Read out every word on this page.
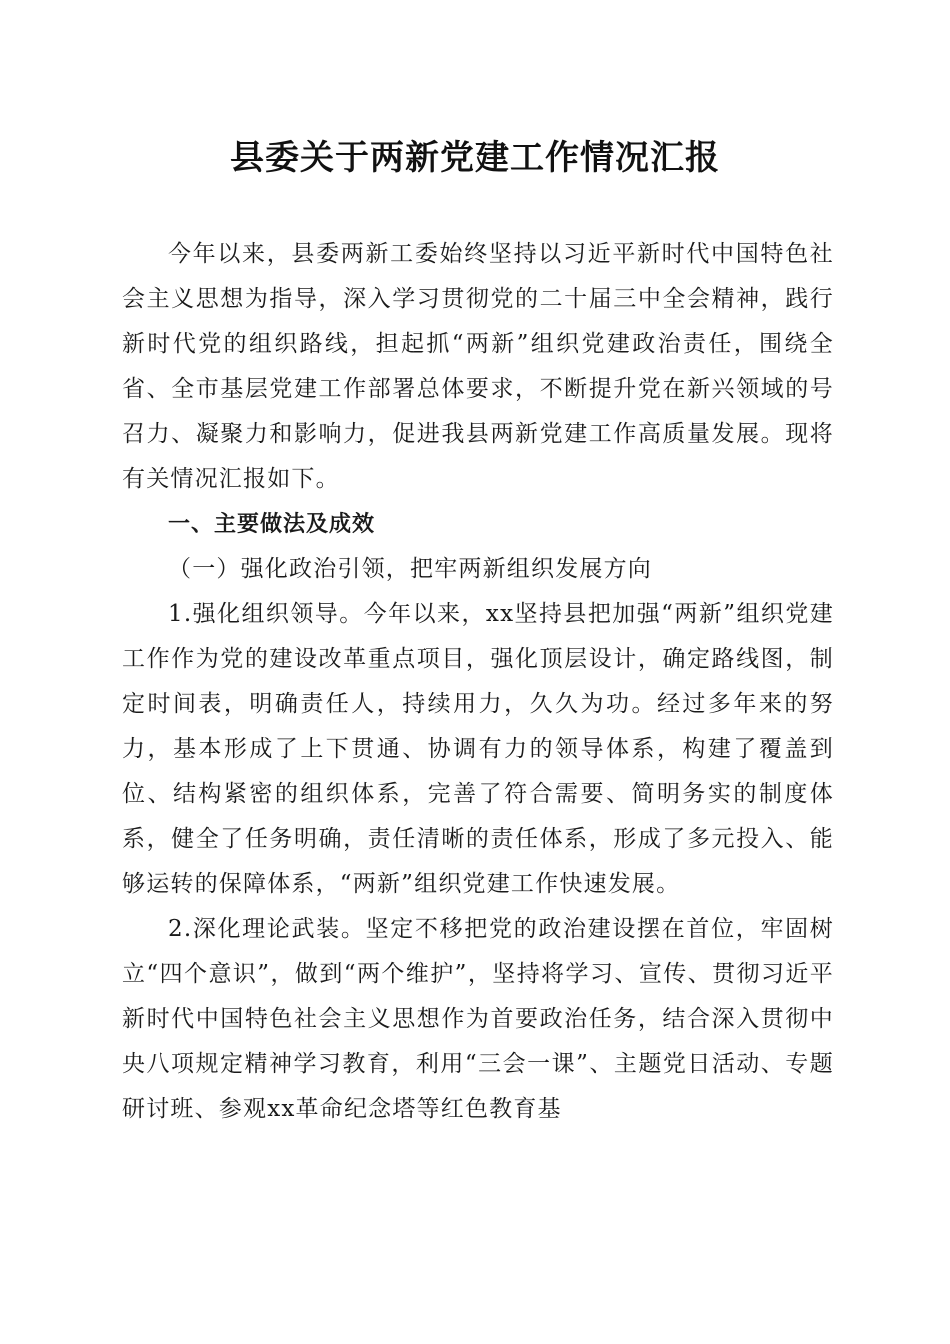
县委关于两新党建工作情况汇报

今年以来，县委两新工委始终坚持以习近平新时代中国特色社会主义思想为指导，深入学习贯彻党的二十届三中全会精神，践行新时代党的组织路线，担起抓“两新”组织党建政治责任，围绕全省、全市基层党建工作部署总体要求，不断提升党在新兴领域的号召力、凝聚力和影响力，促进我县两新党建工作高质量发展。现将有关情况汇报如下。

一、主要做法及成效

（一）强化政治引领，把牢两新组织发展方向

1.强化组织领导。今年以来，xx坚持县把加强“两新”组织党建工作作为党的建设改革重点项目，强化顶层设计，确定路线图，制定时间表，明确责任人，持续用力，久久为功。经过多年来的努力，基本形成了上下贯通、协调有力的领导体系，构建了覆盖到位、结构紧密的组织体系，完善了符合需要、简明务实的制度体系，健全了任务明确，责任清晰的责任体系，形成了多元投入、能够运转的保障体系，“两新”组织党建工作快速发展。

2.深化理论武装。坚定不移把党的政治建设摆在首位，牢固树立“四个意识”，做到“两个维护”，坚持将学习、宣传、贯彻习近平新时代中国特色社会主义思想作为首要政治任务，结合深入贯彻中央八项规定精神学习教育，利用“三会一课”、主题党日活动、专题研讨班、参观xx革命纪念塔等红色教育基
